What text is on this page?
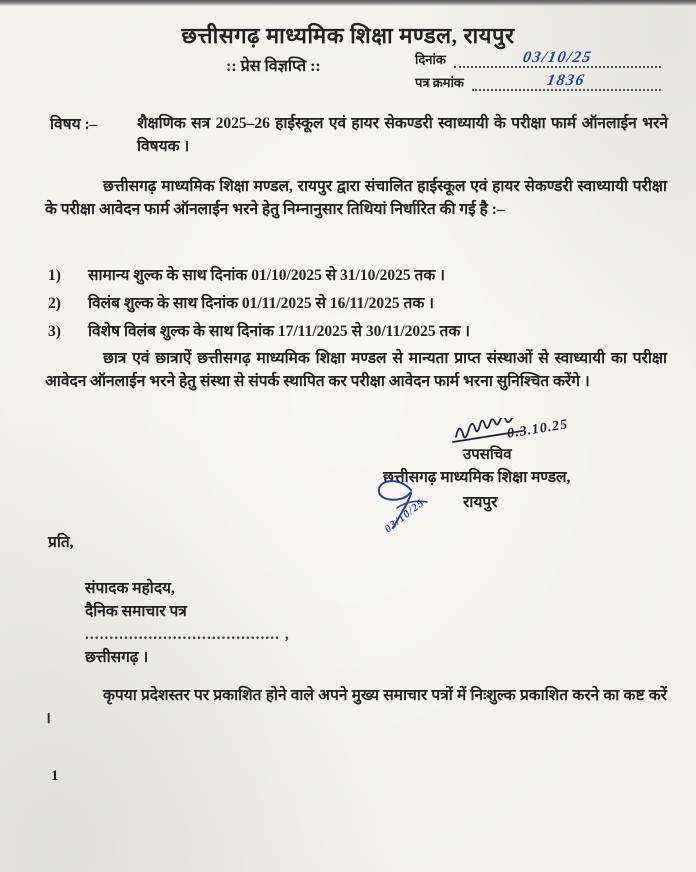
छत्तीसगढ़ माध्यमिक शिक्षा मण्डल, रायपुर
:: प्रेस विज्ञप्ति ::	दिनांक	03/10/25
पत्र क्रमांक	1836
विषय :–	शैक्षणिक सत्र 2025–26 हाईस्कूल एवं हायर सेकण्डरी स्वाध्यायी के परीक्षा फार्म ऑनलाईन भरने विषयक ।
छत्तीसगढ़ माध्यमिक शिक्षा मण्डल, रायपुर द्वारा संचालित हाईस्कूल एवं हायर सेकण्डरी स्वाध्यायी परीक्षा के परीक्षा आवेदन फार्म ऑनलाईन भरने हेतु निम्नानुसार तिथियां निर्धारित की गई है :–
1)	सामान्य शुल्क के साथ दिनांक 01/10/2025 से 31/10/2025 तक ।
2)	विलंब शुल्क के साथ दिनांक 01/11/2025 से 16/11/2025 तक ।
3)	विशेष विलंब शुल्क के साथ दिनांक 17/11/2025 से 30/11/2025 तक ।
छात्र एवं छात्राऐं छत्तीसगढ़ माध्यमिक शिक्षा मण्डल से मान्यता प्राप्त संस्थाओं से स्वाध्यायी का परीक्षा आवेदन ऑनलाईन भरने हेतु संस्था से संपर्क स्थापित कर परीक्षा आवेदन फार्म भरना सुनिश्चित करेंगे ।
0.3.10.25
उपसचिव
छत्तीसगढ़ माध्यमिक शिक्षा मण्डल,
03/10/25 रायपुर
प्रति,
संपादक महोदय,
दैनिक समाचार पत्र
........................................ ,
छत्तीसगढ़ ।
कृपया प्रदेशस्तर पर प्रकाशित होने वाले अपने मुख्य समाचार पत्रों में निःशुल्क प्रकाशित करने का कष्ट करें ।
1
